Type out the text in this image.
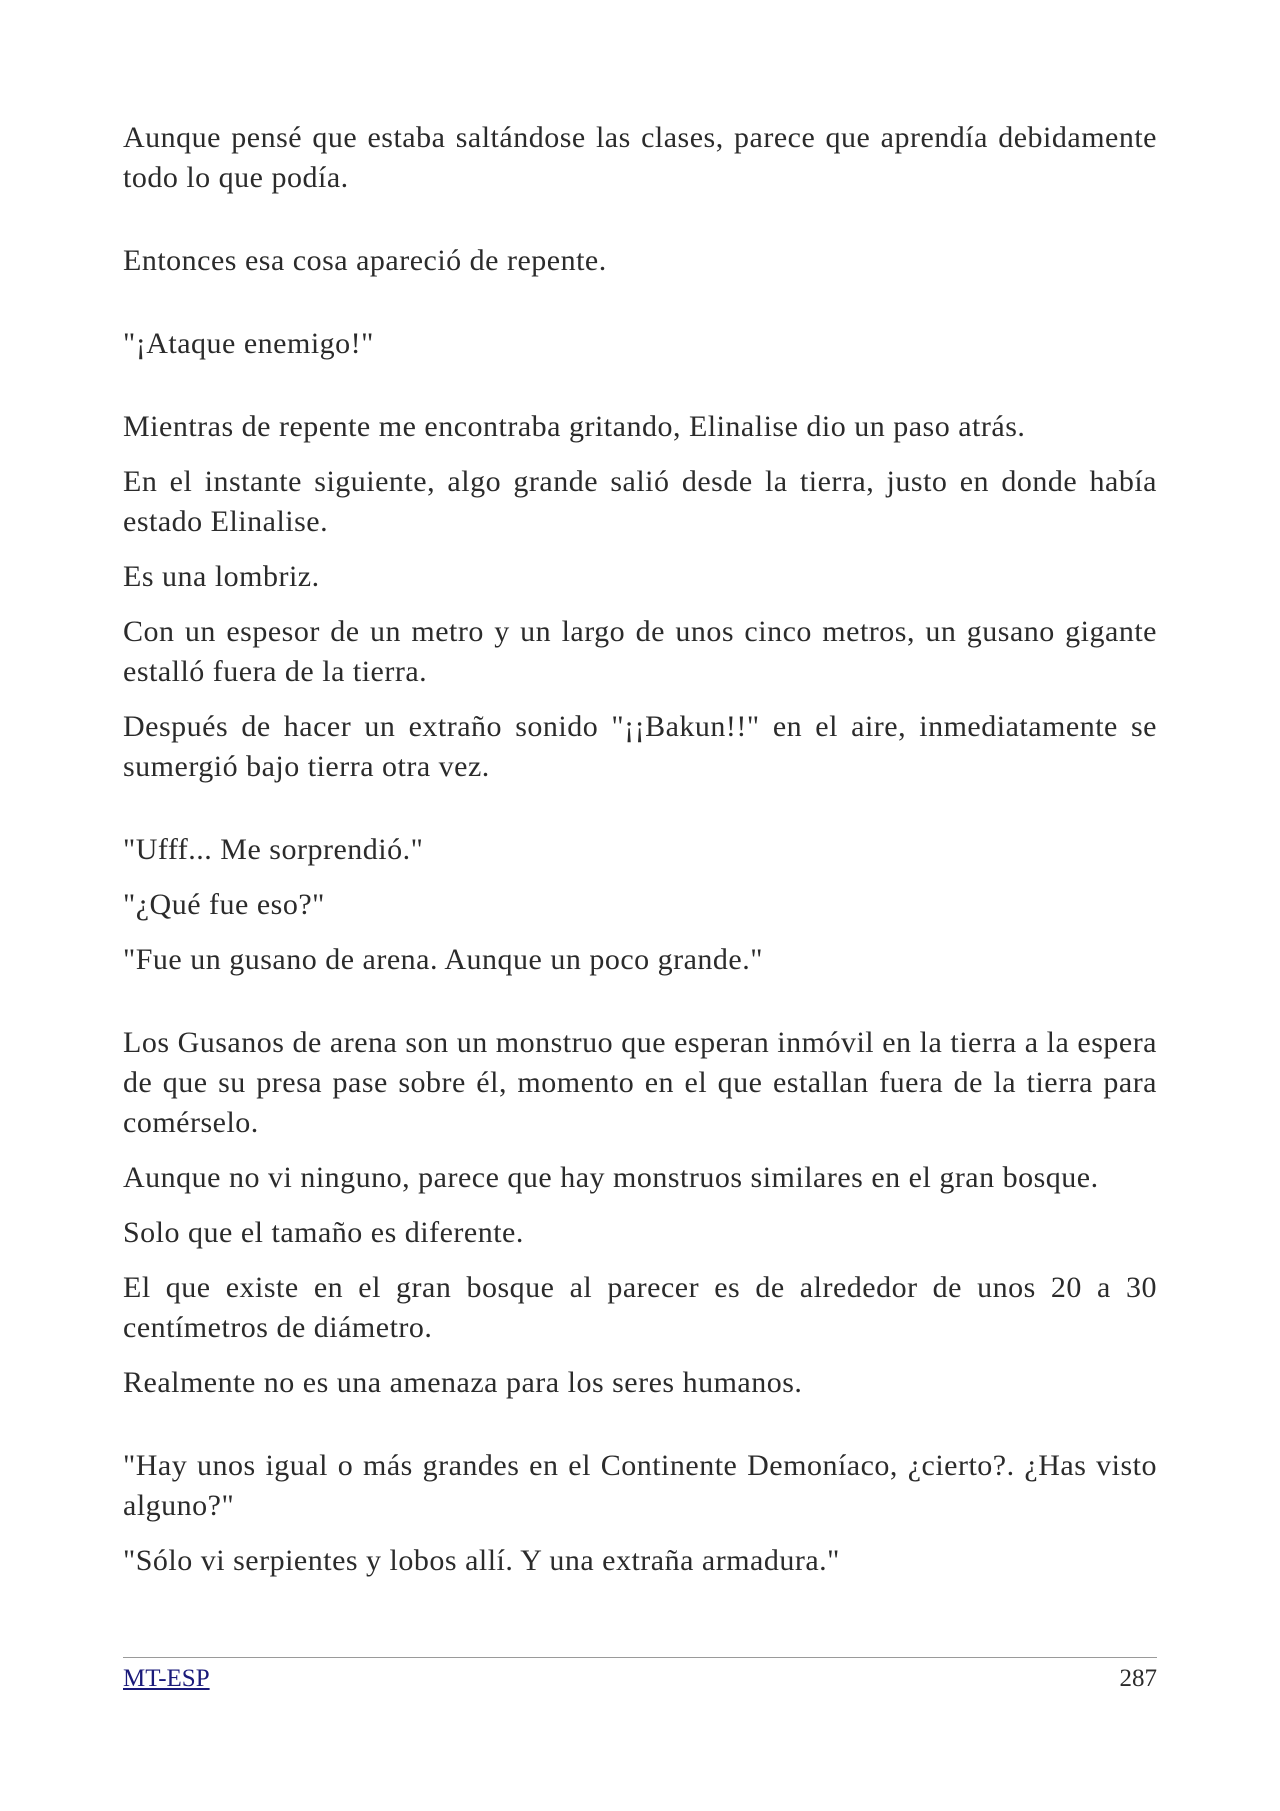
Aunque pensé que estaba saltándose las clases, parece que aprendía debidamente todo lo que podía.

Entonces esa cosa apareció de repente.

"¡Ataque enemigo!"

Mientras de repente me encontraba gritando, Elinalise dio un paso atrás.

En el instante siguiente, algo grande salió desde la tierra, justo en donde había estado Elinalise.

Es una lombriz.

Con un espesor de un metro y un largo de unos cinco metros, un gusano gigante estalló fuera de la tierra.

Después de hacer un extraño sonido "¡¡Bakun!!" en el aire, inmediatamente se sumergió bajo tierra otra vez.

"Ufff... Me sorprendió."

"¿Qué fue eso?"

"Fue un gusano de arena. Aunque un poco grande."

Los Gusanos de arena son un monstruo que esperan inmóvil en la tierra a la espera de que su presa pase sobre él, momento en el que estallan fuera de la tierra para comérselo.

Aunque no vi ninguno, parece que hay monstruos similares en el gran bosque.

Solo que el tamaño es diferente.

El que existe en el gran bosque al parecer es de alrededor de unos 20 a 30 centímetros de diámetro.

Realmente no es una amenaza para los seres humanos.

"Hay unos igual o más grandes en el Continente Demoníaco, ¿cierto?. ¿Has visto alguno?"

"Sólo vi serpientes y lobos allí. Y una extraña armadura."

MT-ESP	287
